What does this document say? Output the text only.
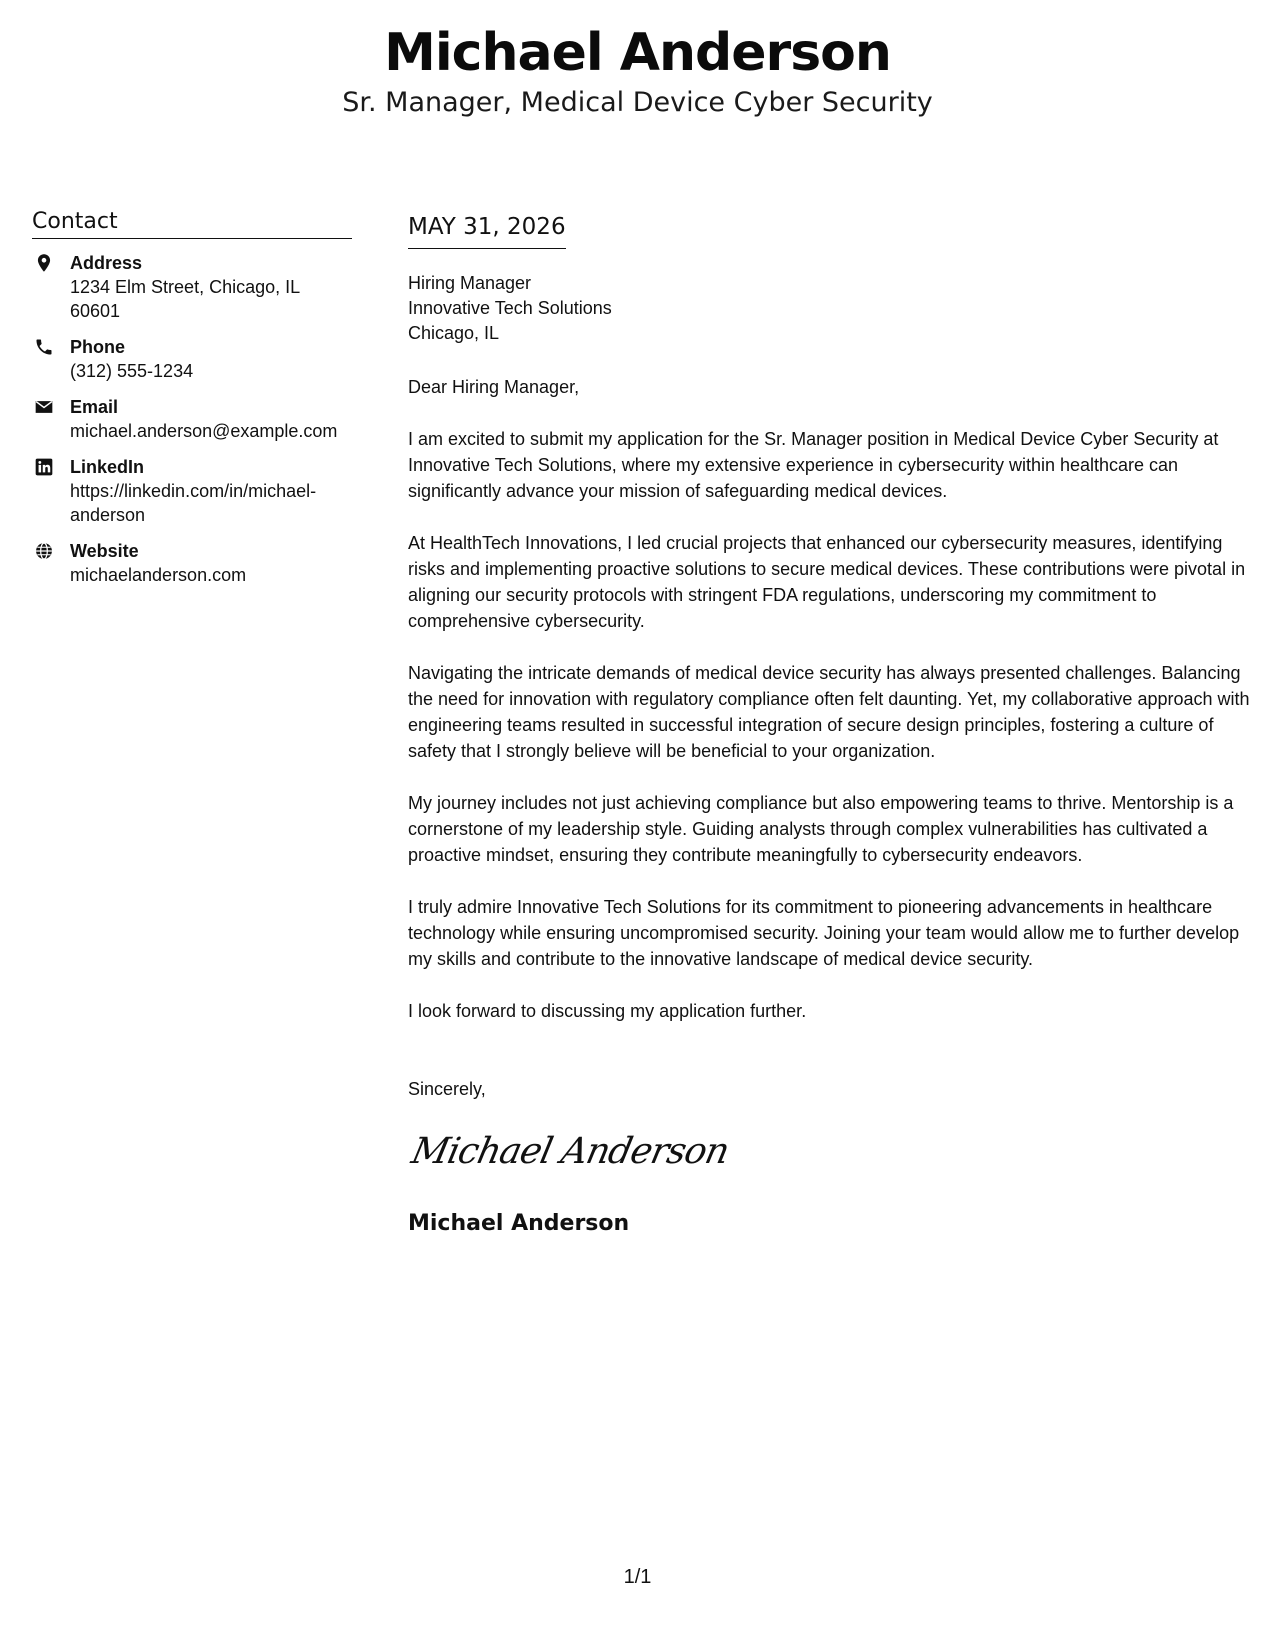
Michael Anderson
Sr. Manager, Medical Device Cyber Security
Contact
Address
1234 Elm Street, Chicago, IL 60601
Phone
(312) 555-1234
Email
michael.anderson@example.com
LinkedIn
https://linkedin.com/in/michael-anderson
Website
michaelanderson.com
MAY 31, 2026
Hiring Manager
Innovative Tech Solutions
Chicago, IL
Dear Hiring Manager,
I am excited to submit my application for the Sr. Manager position in Medical Device Cyber Security at Innovative Tech Solutions, where my extensive experience in cybersecurity within healthcare can significantly advance your mission of safeguarding medical devices.
At HealthTech Innovations, I led crucial projects that enhanced our cybersecurity measures, identifying risks and implementing proactive solutions to secure medical devices. These contributions were pivotal in aligning our security protocols with stringent FDA regulations, underscoring my commitment to comprehensive cybersecurity.
Navigating the intricate demands of medical device security has always presented challenges. Balancing the need for innovation with regulatory compliance often felt daunting. Yet, my collaborative approach with engineering teams resulted in successful integration of secure design principles, fostering a culture of safety that I strongly believe will be beneficial to your organization.
My journey includes not just achieving compliance but also empowering teams to thrive. Mentorship is a cornerstone of my leadership style. Guiding analysts through complex vulnerabilities has cultivated a proactive mindset, ensuring they contribute meaningfully to cybersecurity endeavors.
I truly admire Innovative Tech Solutions for its commitment to pioneering advancements in healthcare technology while ensuring uncompromised security. Joining your team would allow me to further develop my skills and contribute to the innovative landscape of medical device security.
I look forward to discussing my application further.
Sincerely,
Michael Anderson
Michael Anderson
1/1
